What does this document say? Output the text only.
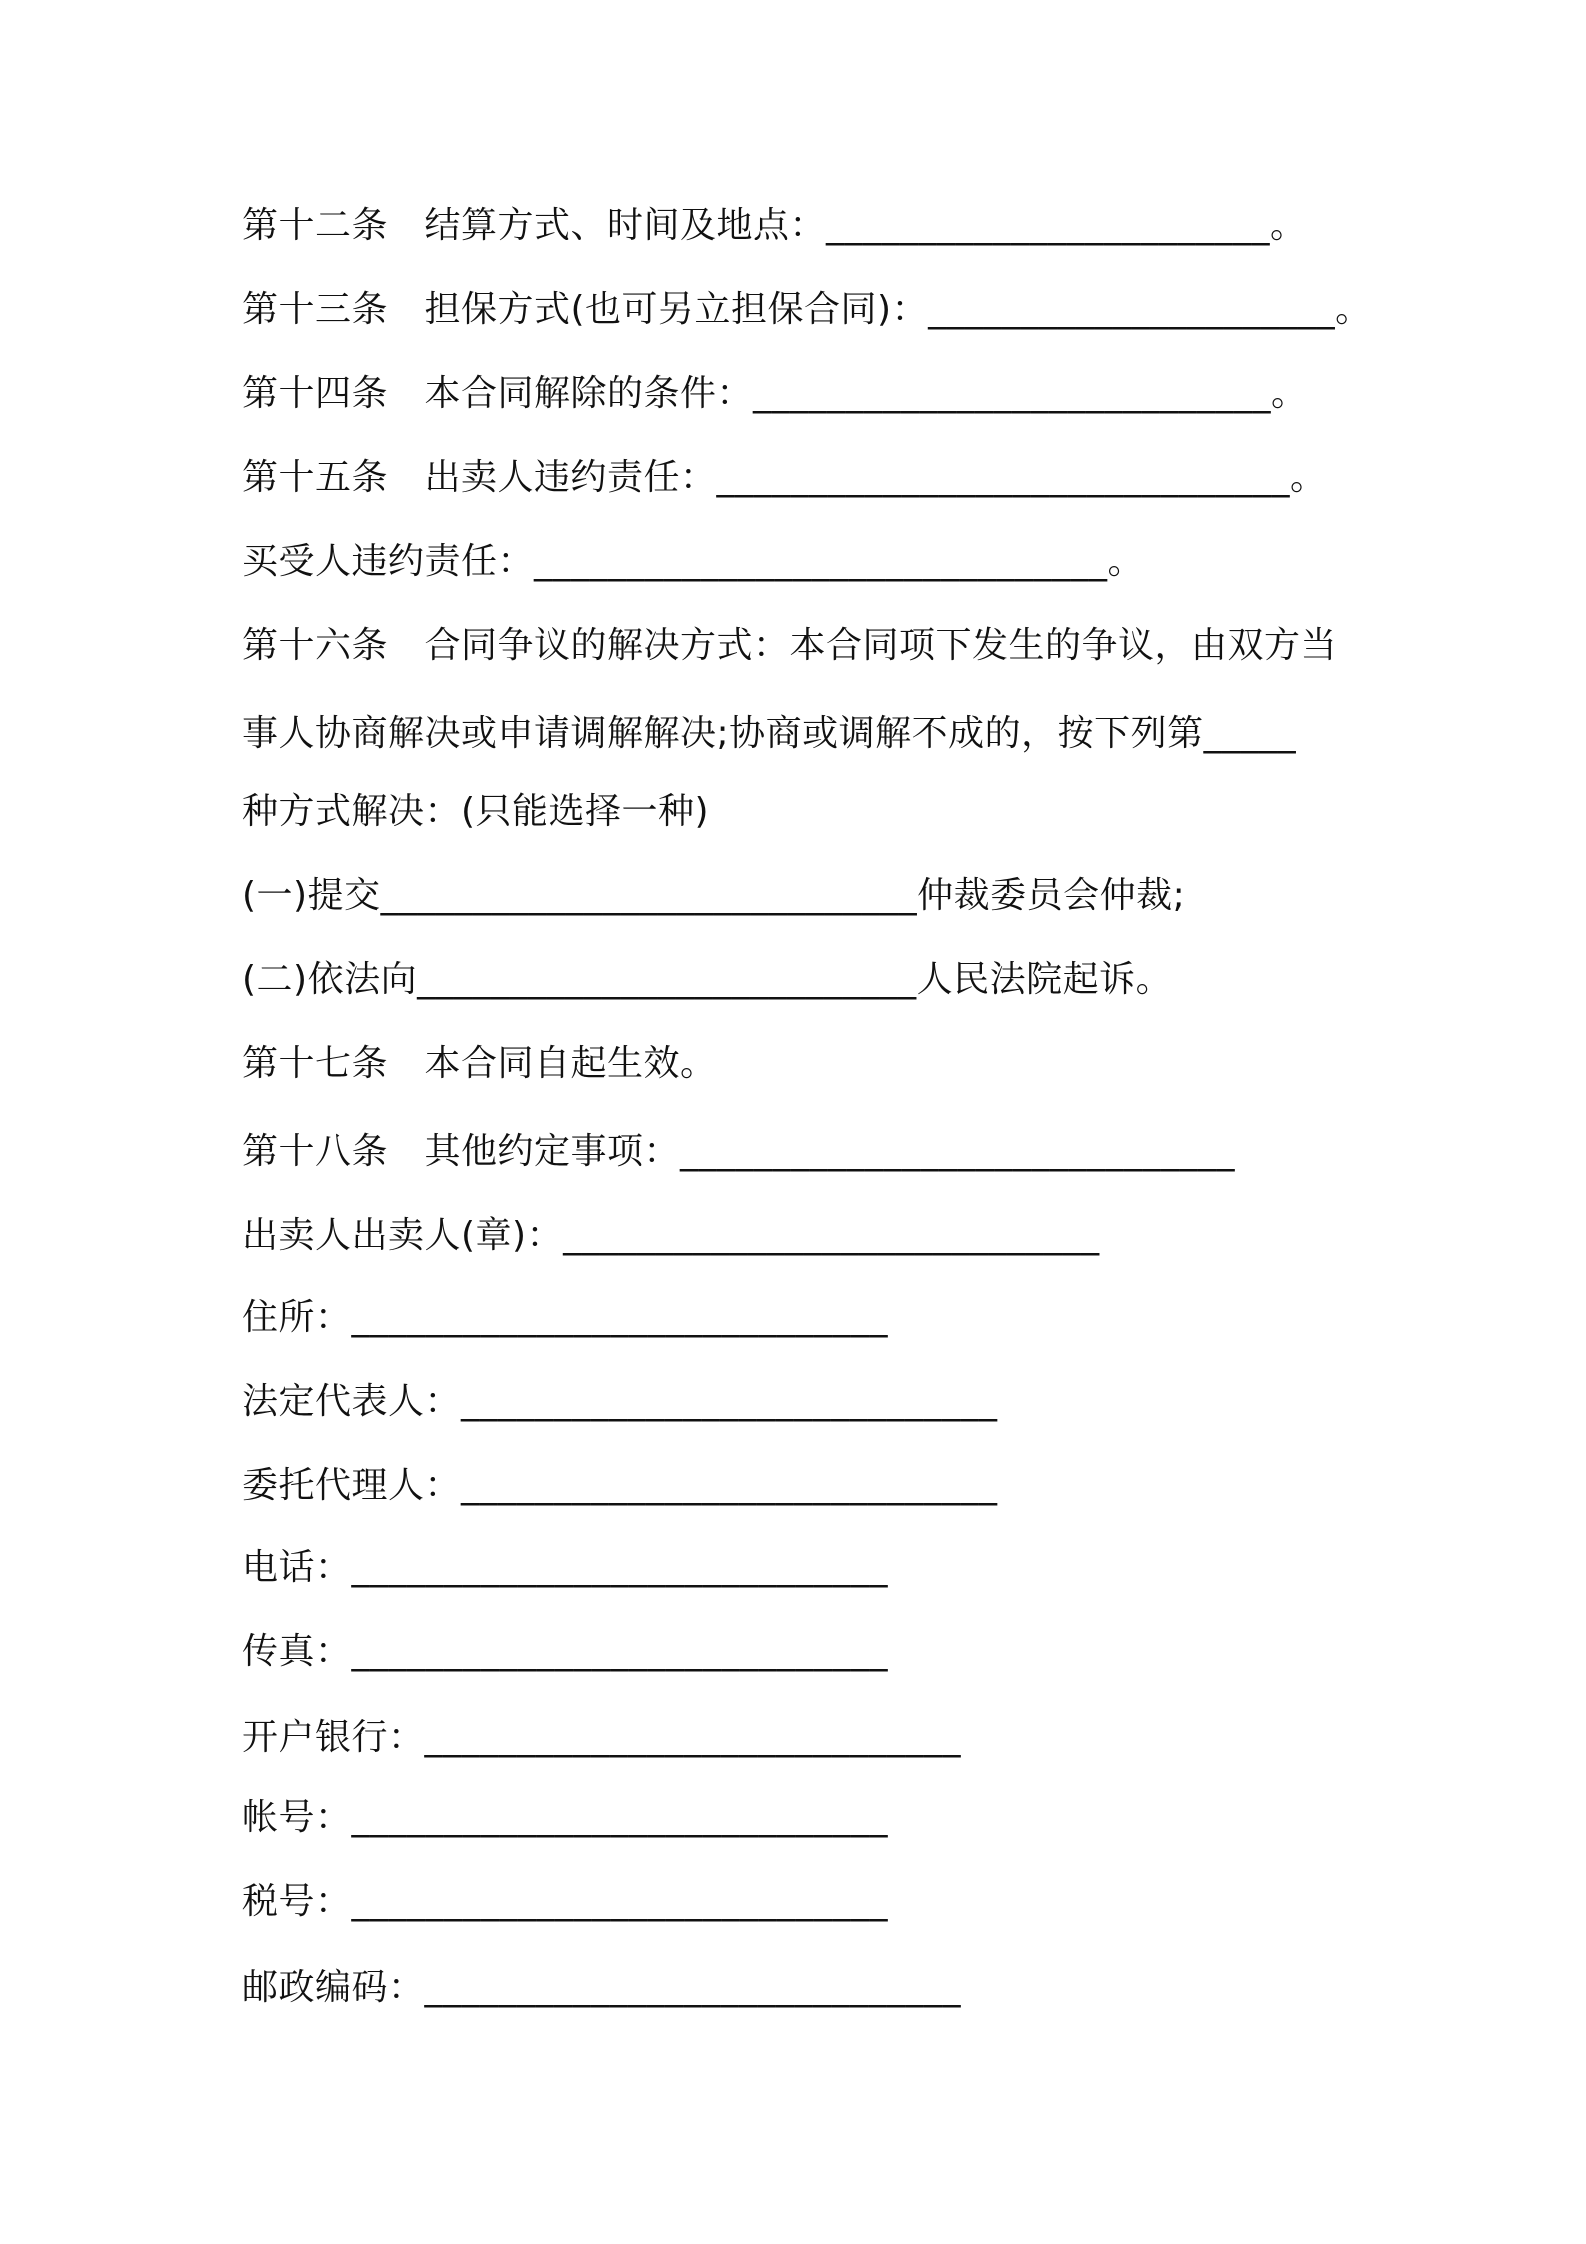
第十二条　结算方式、时间及地点：________________________。
第十三条　担保方式(也可另立担保合同)：______________________。
第十四条　本合同解除的条件：____________________________。
第十五条　出卖人违约责任：_______________________________。
买受人违约责任：_______________________________。
第十六条　合同争议的解决方式：本合同项下发生的争议，由双方当
事人协商解决或申请调解解决;协商或调解不成的，按下列第_____
种方式解决：(只能选择一种)
(一)提交_____________________________仲裁委员会仲裁;
(二)依法向___________________________人民法院起诉。
第十七条　本合同自起生效。
第十八条　其他约定事项：______________________________
出卖人出卖人(章)：_____________________________
住所：_____________________________
法定代表人：_____________________________
委托代理人：_____________________________
电话：_____________________________
传真：_____________________________
开户银行：_____________________________
帐号：_____________________________
税号：_____________________________
邮政编码：_____________________________
